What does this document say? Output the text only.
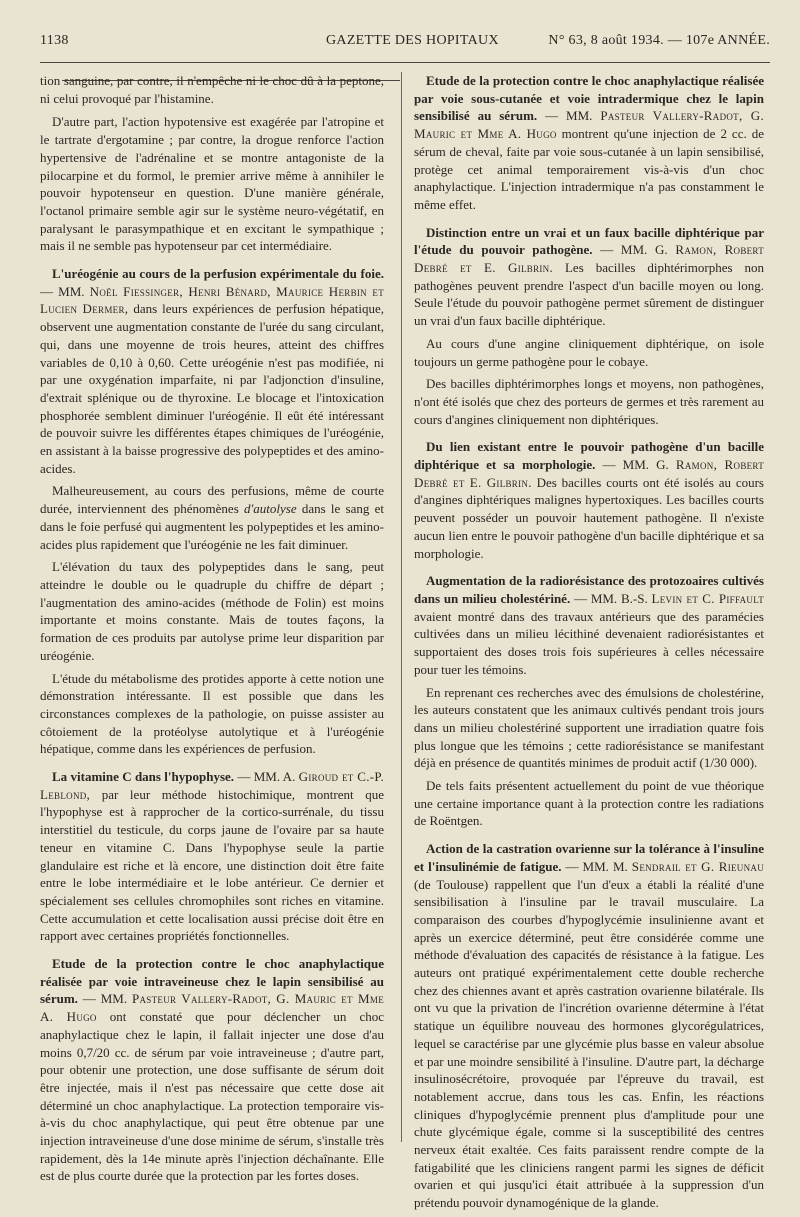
1138	GAZETTE DES HOPITAUX	N° 63, 8 août 1934. — 107e ANNÉE.

tion sanguine, par contre, il n'empêche ni le choc dû à la peptone, ni celui provoqué par l'histamine.

D'autre part, l'action hypotensive est exagérée par l'atropine et le tartrate d'ergotamine ; par contre, la drogue renforce l'action hypertensive de l'adrénaline et se montre antagoniste de la pilocarpine et du formol, le premier arrive même à annihiler le pouvoir hypotenseur en question. D'une manière générale, l'octanol primaire semble agir sur le système neuro-végétatif, en paralysant le parasympathique et en excitant le sympathique ; mais il ne semble pas hypotenseur par cet intermédiaire.

L'uréogénie au cours de la perfusion expérimentale du foie. — MM. Noël Fiessinger, Henri Bénard, Maurice Herbin et Lucien Dermer, dans leurs expériences de perfusion hépatique, observent une augmentation constante de l'urée du sang circulant, qui, dans une moyenne de trois heures, atteint des chiffres variables de 0,10 à 0,60. Cette uréogénie n'est pas modifiée, ni par une oxygénation imparfaite, ni par l'adjonction d'insuline, d'extrait splénique ou de thyroxine. Le blocage et l'intoxication phosphorée semblent diminuer l'uréogénie. Il eût été intéressant de pouvoir suivre les différentes étapes chimiques de l'uréogénie, en assistant à la baisse progressive des polypeptides et des amino-acides.

Malheureusement, au cours des perfusions, même de courte durée, interviennent des phénomènes d'autolyse dans le sang et dans le foie perfusé qui augmentent les polypeptides et les amino-acides plus rapidement que l'uréogénie ne les fait diminuer.

L'élévation du taux des polypeptides dans le sang, peut atteindre le double ou le quadruple du chiffre de départ ; l'augmentation des amino-acides (méthode de Folin) est moins importante et moins constante. Mais de toutes façons, la formation de ces produits par autolyse prime leur disparition par uréogénie.

L'étude du métabolisme des protides apporte à cette notion une démonstration intéressante. Il est possible que dans les circonstances complexes de la pathologie, on puisse assister au côtoiement de la protéolyse autolytique et à l'uréogénie hépatique, comme dans les expériences de perfusion.

La vitamine C dans l'hypophyse. — MM. A. Giroud et C.-P. Leblond, par leur méthode histochimique, montrent que l'hypophyse est à rapprocher de la cortico-surrénale, du tissu interstitiel du testicule, du corps jaune de l'ovaire par sa haute teneur en vitamine C. Dans l'hypophyse seule la partie glandulaire est riche et là encore, une distinction doit être faite entre le lobe intermédiaire et le lobe antérieur. Ce dernier et spécialement ses cellules chromophiles sont riches en vitamine. Cette accumulation et cette localisation aussi précise doit être en rapport avec certaines propriétés fonctionnelles.

Etude de la protection contre le choc anaphylactique réalisée par voie intraveineuse chez le lapin sensibilisé au sérum. — MM. Pasteur Vallery-Radot, G. Mauric et Mme A. Hugo ont constaté que pour déclencher un choc anaphylactique chez le lapin, il fallait injecter une dose d'au moins 0,7/20 cc. de sérum par voie intraveineuse ; d'autre part, pour obtenir une protection, une dose suffisante de sérum doit être injectée, mais il n'est pas nécessaire que cette dose ait déterminé un choc anaphylactique. La protection temporaire vis-à-vis du choc anaphylactique, qui peut être obtenue par une injection intraveineuse d'une dose minime de sérum, s'installe très rapidement, dès la 14e minute après l'injection déchaînante. Elle est de plus courte durée que la protection par les fortes doses.

Etude de la protection contre le choc anaphylactique réalisée par voie sous-cutanée et voie intradermique chez le lapin sensibilisé au sérum. — MM. Pasteur Vallery-Radot, G. Mauric et Mme A. Hugo montrent qu'une injection de 2 cc. de sérum de cheval, faite par voie sous-cutanée à un lapin sensibilisé, protège cet animal temporairement vis-à-vis d'un choc anaphylactique. L'injection intradermique n'a pas constamment le même effet.

Distinction entre un vrai et un faux bacille diphtérique par l'étude du pouvoir pathogène. — MM. G. Ramon, Robert Debré et E. Gilbrin. Les bacilles diphtérimorphes non pathogènes peuvent prendre l'aspect d'un bacille moyen ou long. Seule l'étude du pouvoir pathogène permet sûrement de distinguer un vrai d'un faux bacille diphtérique.

Au cours d'une angine cliniquement diphtérique, on isole toujours un germe pathogène pour le cobaye.

Des bacilles diphtérimorphes longs et moyens, non pathogènes, n'ont été isolés que chez des porteurs de germes et très rarement au cours d'angines cliniquement non diphtériques.

Du lien existant entre le pouvoir pathogène d'un bacille diphtérique et sa morphologie. — MM. G. Ramon, Robert Debré et E. Gilbrin. Des bacilles courts ont été isolés au cours d'angines diphtériques malignes hypertoxiques. Les bacilles courts peuvent posséder un pouvoir hautement pathogène. Il n'existe aucun lien entre le pouvoir pathogène d'un bacille diphtérique et sa morphologie.

Augmentation de la radiorésistance des protozoaires cultivés dans un milieu cholestériné. — MM. B.-S. Levin et C. Piffault avaient montré dans des travaux antérieurs que des paramécies cultivées dans un milieu lécithiné devenaient radiorésistantes et supportaient des doses trois fois supérieures à celles nécessaire pour tuer les témoins.

En reprenant ces recherches avec des émulsions de cholestérine, les auteurs constatent que les animaux cultivés pendant trois jours dans un milieu cholestériné supportent une irradiation quatre fois plus longue que les témoins ; cette radiorésistance se manifestant déjà en présence de quantités minimes de produit actif (1/30 000).

De tels faits présentent actuellement du point de vue théorique une certaine importance quant à la protection contre les radiations de Roëntgen.

Action de la castration ovarienne sur la tolérance à l'insuline et l'insulinémie de fatigue. — MM. M. Sendrail et G. Rieunau (de Toulouse) rappellent que l'un d'eux a établi la réalité d'une sensibilisation à l'insuline par le travail musculaire. La comparaison des courbes d'hypoglycémie insulinienne avant et après un exercice déterminé, peut être considérée comme une méthode d'évaluation des capacités de résistance à la fatigue. Les auteurs ont pratiqué expérimentalement cette double recherche chez des chiennes avant et après castration ovarienne bilatérale. Ils ont vu que la privation de l'incrétion ovarienne détermine à l'état statique un équilibre nouveau des hormones glycorégulatrices, lequel se caractérise par une glycémie plus basse en valeur absolue et par une moindre sensibilité à l'insuline. D'autre part, la décharge insulinosécrétoire, provoquée par l'épreuve du travail, est notablement accrue, dans tous les cas. Enfin, les réactions cliniques d'hypoglycémie prennent plus d'amplitude pour une chute glycémique égale, comme si la susceptibilité des centres nerveux était exaltée. Ces faits paraissent rendre compte de la fatigabilité que les cliniciens rangent parmi les signes de déficit ovarien et qui jusqu'ici était attribuée à la suppression d'un prétendu pouvoir dynamogénique de la glande.
